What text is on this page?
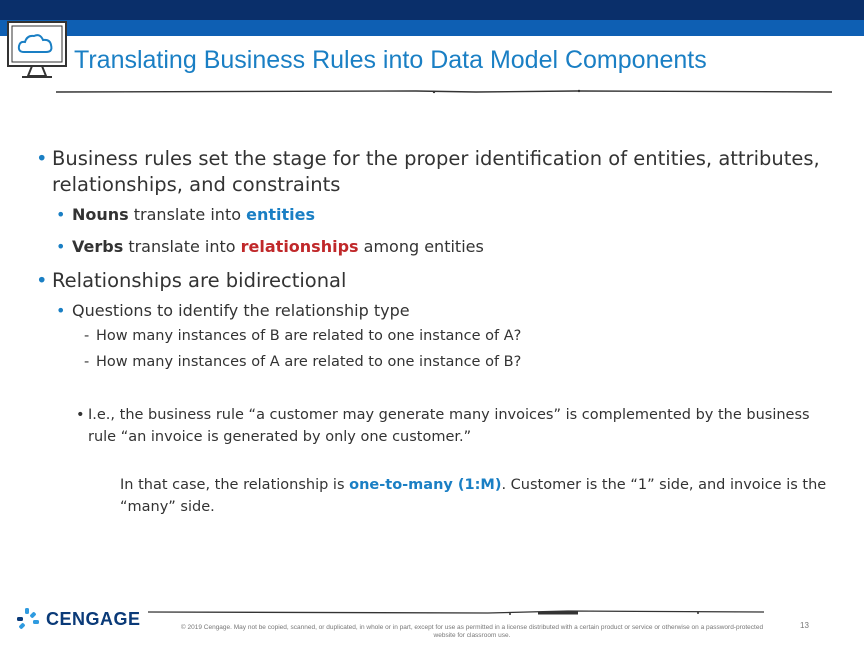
Translating Business Rules into Data Model Components
• Business rules set the stage for the proper identification of entities, attributes, relationships, and constraints
• Nouns translate into entities
• Verbs translate into relationships among entities
• Relationships are bidirectional
• Questions to identify the relationship type
- How many instances of B are related to one instance of A?
- How many instances of A are related to one instance of B?
• I.e., the business rule “a customer may generate many invoices” is complemented by the business rule “an invoice is generated by only one customer.”
In that case, the relationship is one-to-many (1:M). Customer is the “1” side, and invoice is the “many” side.
CENGAGE	© 2019 Cengage. May not be copied, scanned, or duplicated, in whole or in part, except for use as permitted in a license distributed with a certain product or service or otherwise on a password-protected website for classroom use.
13
